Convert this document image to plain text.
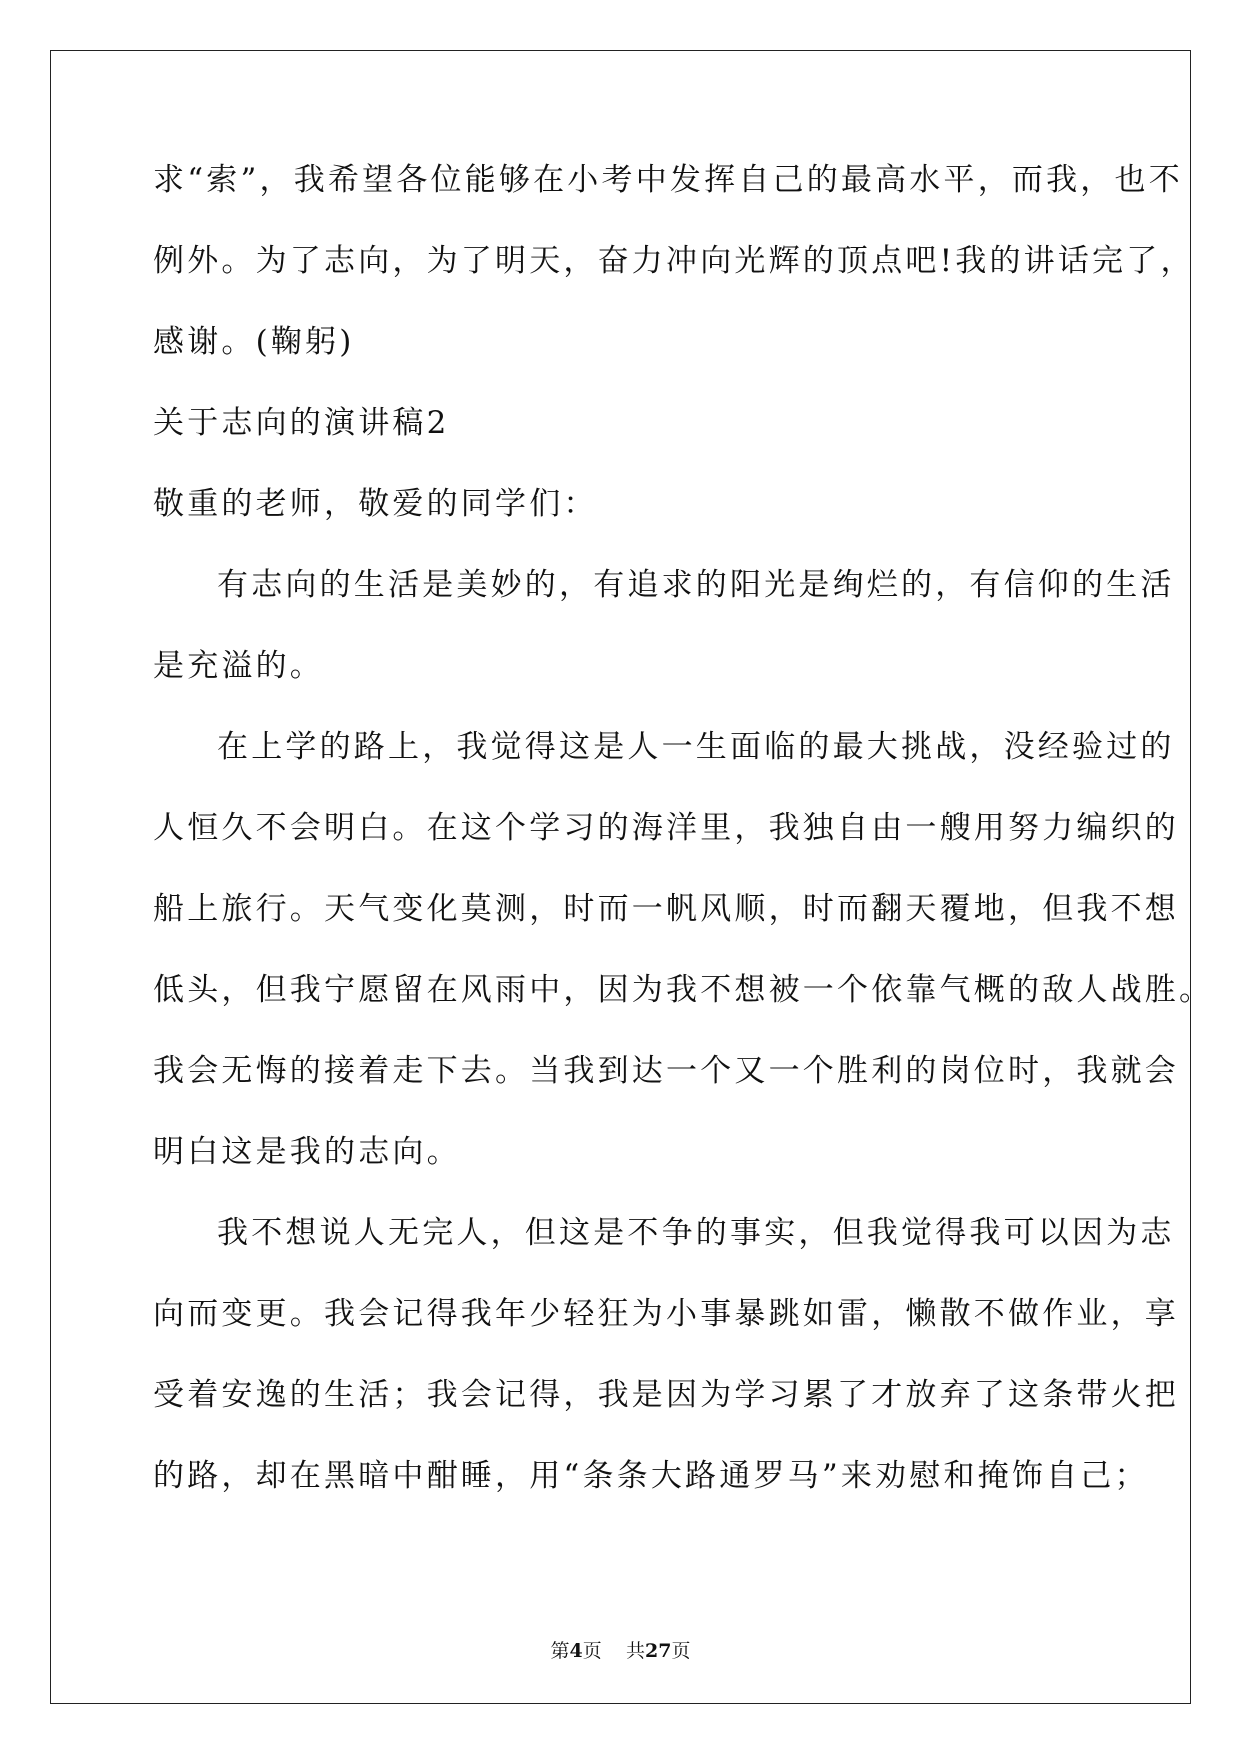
求“索”，我希望各位能够在小考中发挥自己的最高水平，而我，也不

例外。为了志向，为了明天，奋力冲向光辉的顶点吧!我的讲话完了，

感谢。(鞠躬)

关于志向的演讲稿2

敬重的老师，敬爱的同学们：

有志向的生活是美妙的，有追求的阳光是绚烂的，有信仰的生活

是充溢的。

在上学的路上，我觉得这是人一生面临的最大挑战，没经验过的

人恒久不会明白。在这个学习的海洋里，我独自由一艘用努力编织的

船上旅行。天气变化莫测，时而一帆风顺，时而翻天覆地，但我不想

低头，但我宁愿留在风雨中，因为我不想被一个依靠气概的敌人战胜。

我会无悔的接着走下去。当我到达一个又一个胜利的岗位时，我就会

明白这是我的志向。

我不想说人无完人，但这是不争的事实，但我觉得我可以因为志

向而变更。我会记得我年少轻狂为小事暴跳如雷，懒散不做作业，享

受着安逸的生活；我会记得，我是因为学习累了才放弃了这条带火把

的路，却在黑暗中酣睡，用“条条大路通罗马”来劝慰和掩饰自己；

第4页 共27页
